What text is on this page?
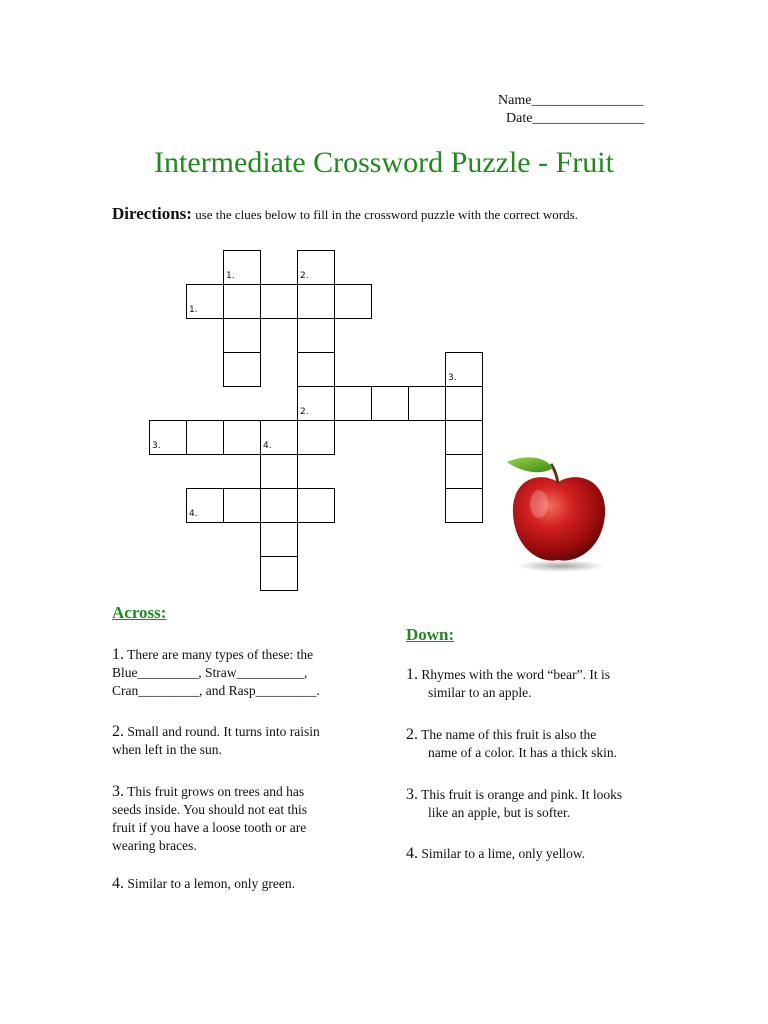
Name________________
Date________________
Intermediate Crossword Puzzle - Fruit
Directions: use the clues below to fill in the crossword puzzle with the correct words.
1.	2.
1.
3.
2.
3.	4.
4.
Across:
Down:

1. There are many types of these: the
Blue_________, Straw__________,
Cran_________, and Rasp_________.

2. Small and round. It turns into raisin
when left in the sun.

3. This fruit grows on trees and has
seeds inside. You should not eat this
fruit if you have a loose tooth or are
wearing braces.

4. Similar to a lemon, only green.

1. Rhymes with the word “bear”. It is
similar to an apple.

2. The name of this fruit is also the
name of a color. It has a thick skin.

3. This fruit is orange and pink. It looks
like an apple, but is softer.

4. Similar to a lime, only yellow.
